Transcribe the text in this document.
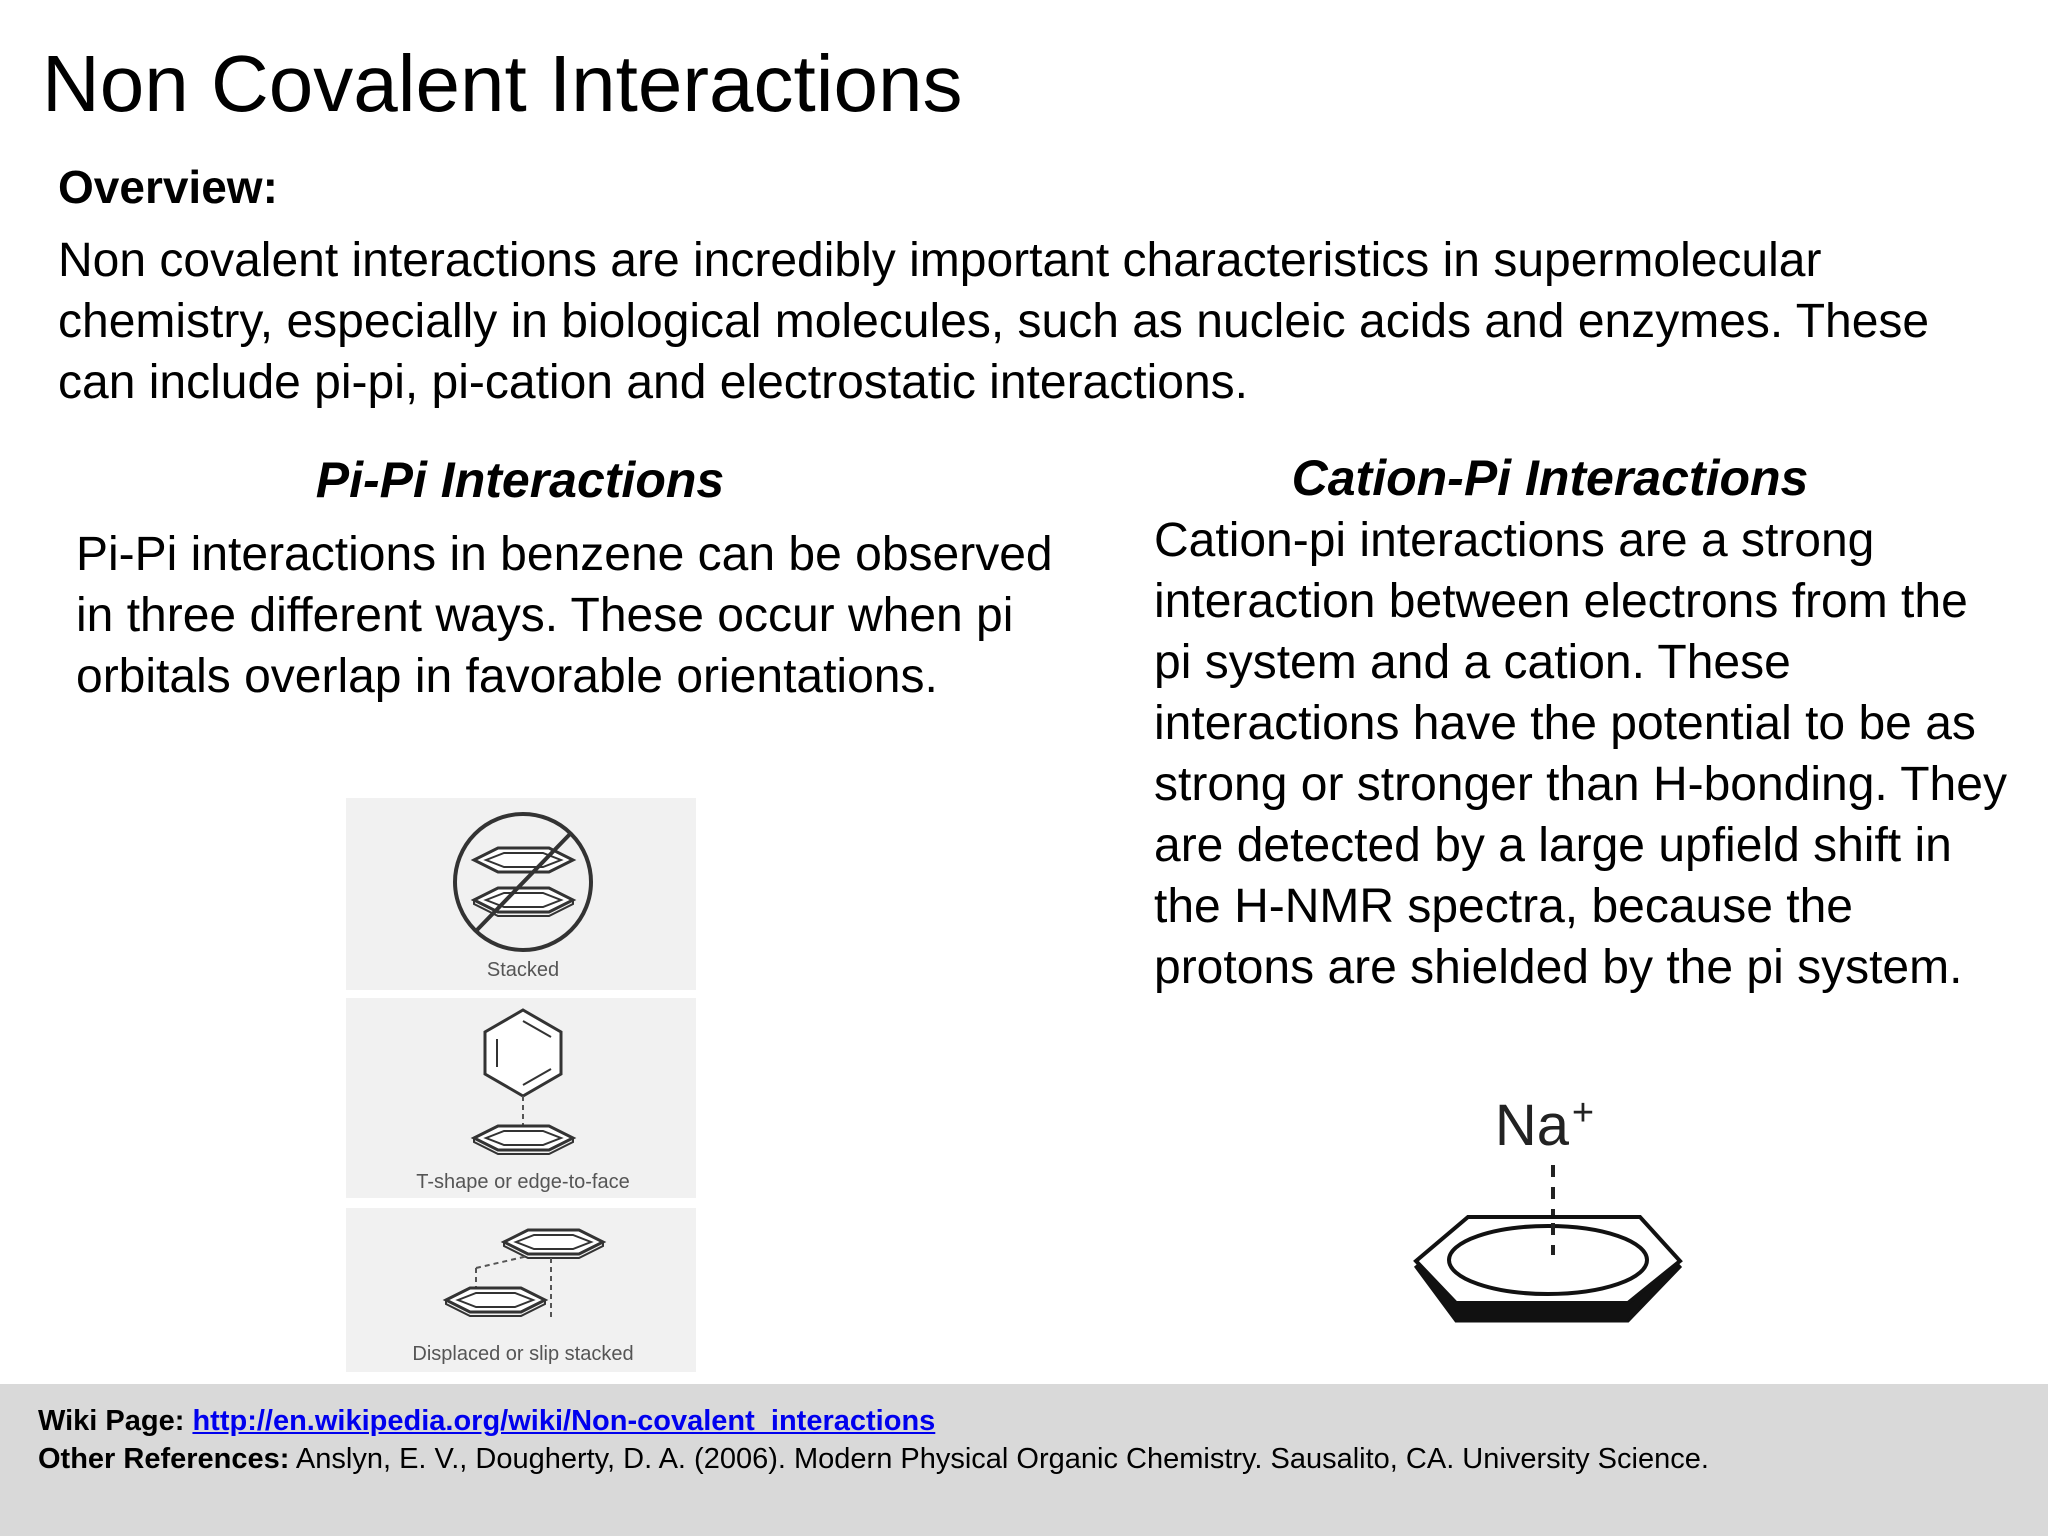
Non Covalent Interactions
Overview:
Non covalent interactions are incredibly important characteristics in supermolecular chemistry, especially in biological molecules, such as nucleic acids and enzymes. These can include pi-pi, pi-cation and electrostatic interactions.
Pi-Pi Interactions
Pi-Pi interactions in benzene can be observed in three different ways. These occur when pi orbitals overlap in favorable orientations.
Cation-Pi Interactions
Cation-pi interactions are a strong interaction between electrons from the pi system and a cation. These interactions have the potential to be as strong or stronger than H-bonding. They are detected by a large upfield shift in the H-NMR spectra, because the protons are shielded by the pi system.
Stacked
T-shape or edge-to-face
Displaced or slip stacked
Na +
Wiki Page: http://en.wikipedia.org/wiki/Non-covalent_interactions
Other References: Anslyn, E. V., Dougherty, D. A. (2006). Modern Physical Organic Chemistry. Sausalito, CA. University Science.
